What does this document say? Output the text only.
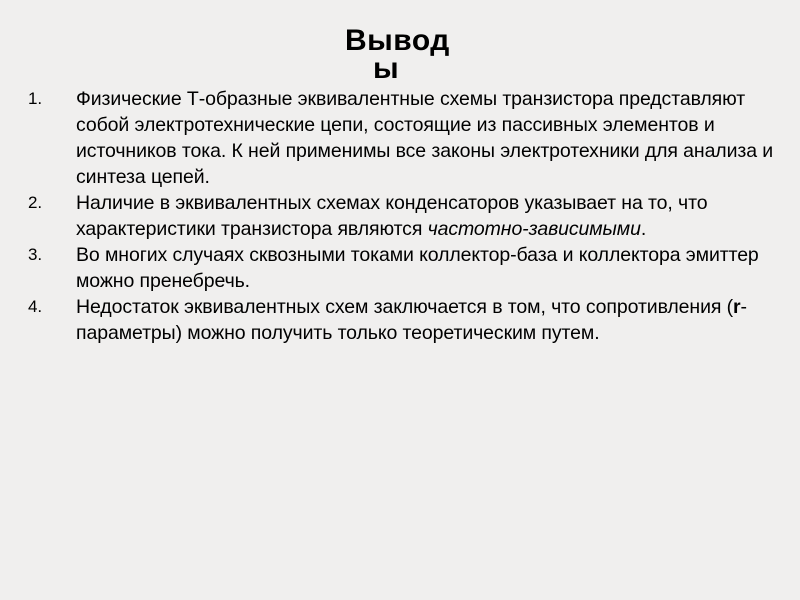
Вывод
ы
1. Физические Т-образные эквивалентные схемы транзистора представляют собой электротехнические цепи, состоящие из пассивных элементов и источников тока. К ней применимы все законы электротехники для анализа и синтеза цепей.
2. Наличие в эквивалентных схемах конденсаторов указывает на то, что характеристики транзистора являются частотно-зависимыми.
3. Во многих случаях сквозными токами коллектор-база и коллектора эмиттер можно пренебречь.
4. Недостаток эквивалентных схем заключается в том, что сопротивления (r-параметры) можно получить только теоретическим путем.
